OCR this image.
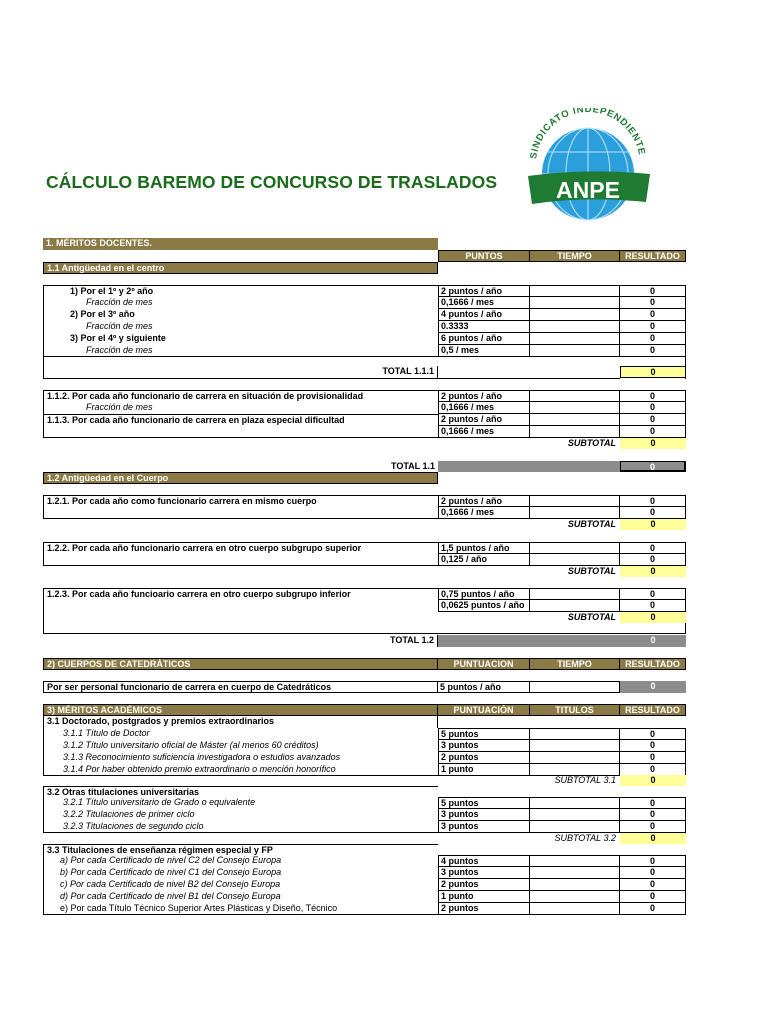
CÁLCULO BAREMO DE CONCURSO DE TRASLADOS
SINDICATO INDEPENDIENTE
ANPE
1. MÉRITOS DOCENTES.
PUNTOS	TIEMPO	RESULTADO
1.1 Antigüedad en el centro
1) Por el 1º y 2º año	2 puntos / año	0
Fracción de mes	0,1666 / mes	0
2) Por el 3º año	4 puntos / año	0
Fracción de mes	0.3333	0
3) Por el 4º y siguiente	6 puntos / año	0
Fracción de mes	0,5 / mes	0
TOTAL 1.1.1	0
1.1.2. Por cada año funcionario de carrera en situación de provisionalidad	2 puntos / año	0
Fracción de mes	0,1666 / mes	0
1.1.3. Por cada año funcionario de carrera en plaza especial dificultad	2 puntos / año	0
0,1666 / mes	0
SUBTOTAL	0
TOTAL 1.1	0
1.2 Antigüedad en el Cuerpo
1.2.1. Por cada año como funcionario carrera en mismo cuerpo	2 puntos / año	0
0,1666 / mes	0
SUBTOTAL	0
1.2.2. Por cada año funcionario carrera en otro cuerpo subgrupo superior	1,5 puntos / año	0
0,125 / año	0
SUBTOTAL	0
1.2.3. Por cada año funcioario carrera en otro cuerpo subgrupo inferior	0,75 puntos / año	0
0,0625 puntos / año	0
SUBTOTAL	0
TOTAL 1.2	0
2) CUERPOS DE CATEDRÁTICOS	PUNTUACION	TIEMPO	RESULTADO
Por ser personal funcionario de carrera en cuerpo de Catedráticos	5 puntos / año	0
3) MÉRITOS ACADÉMICOS	PUNTUACIÓN	TITULOS	RESULTADO
3.1 Doctorado, postgrados y premios extraordinarios
3.1.1 Título de Doctor	5 puntos	0
3.1.2 Título universitario oficial de Máster (al menos 60 créditos)	3 puntos	0
3.1.3 Reconocimiento suficiencia investigadora o estudios avanzados	2 puntos	0
3.1.4 Por haber obtenido premio extraordinario o mención honorífico	1 punto	0
SUBTOTAL 3.1	0
3.2 Otras titulaciones universitarias
3.2.1 Título universitario de Grado o equivalente	5 puntos	0
3.2.2 Titulaciones de primer ciclo	3 puntos	0
3.2.3 Titulaciones de segundo ciclo	3 puntos	0
SUBTOTAL 3.2	0
3.3 Titulaciones de enseñanza régimen especial y FP
a) Por cada Certificado de nivel C2 del Consejo Europa	4 puntos	0
b) Por cada Certificado de nivel C1 del Consejo Europa	3 puntos	0
c) Por cada Certificado de nivel B2 del Consejo Europa	2 puntos	0
d) Por cada Certificado de nivel B1 del Consejo Europa	1 punto	0
e) Por cada Título Técnico Superior Artes Plásticas y Diseño, Técnico	2 puntos	0
